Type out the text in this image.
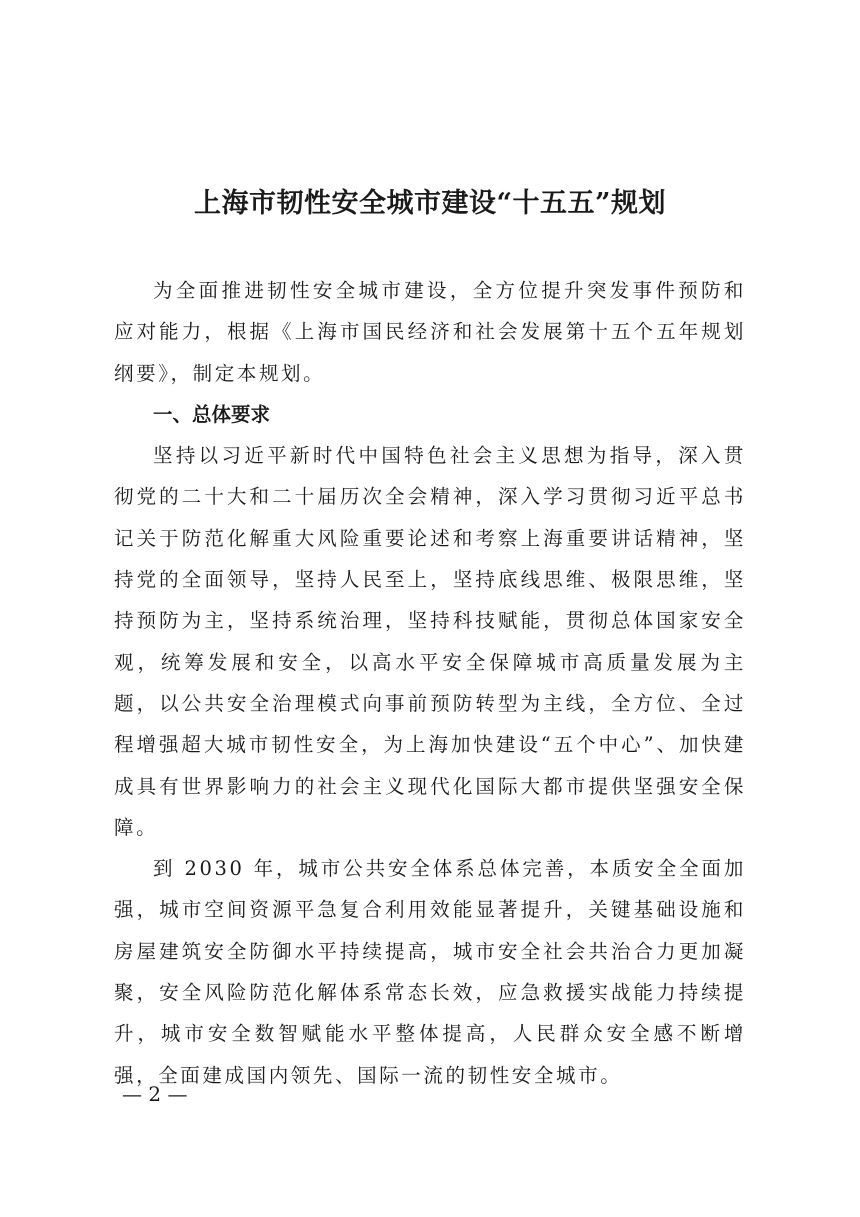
上海市韧性安全城市建设“十五五”规划

为全面推进韧性安全城市建设，全方位提升突发事件预防和应对能力，根据《上海市国民经济和社会发展第十五个五年规划纲要》，制定本规划。

一、总体要求

坚持以习近平新时代中国特色社会主义思想为指导，深入贯彻党的二十大和二十届历次全会精神，深入学习贯彻习近平总书记关于防范化解重大风险重要论述和考察上海重要讲话精神，坚持党的全面领导，坚持人民至上，坚持底线思维、极限思维，坚持预防为主，坚持系统治理，坚持科技赋能，贯彻总体国家安全观，统筹发展和安全，以高水平安全保障城市高质量发展为主题，以公共安全治理模式向事前预防转型为主线，全方位、全过程增强超大城市韧性安全，为上海加快建设“五个中心”、加快建成具有世界影响力的社会主义现代化国际大都市提供坚强安全保障。

到 2030 年，城市公共安全体系总体完善，本质安全全面加强，城市空间资源平急复合利用效能显著提升，关键基础设施和房屋建筑安全防御水平持续提高，城市安全社会共治合力更加凝聚，安全风险防范化解体系常态长效，应急救援实战能力持续提升，城市安全数智赋能水平整体提高，人民群众安全感不断增强，全面建成国内领先、国际一流的韧性安全城市。

— 2 —
